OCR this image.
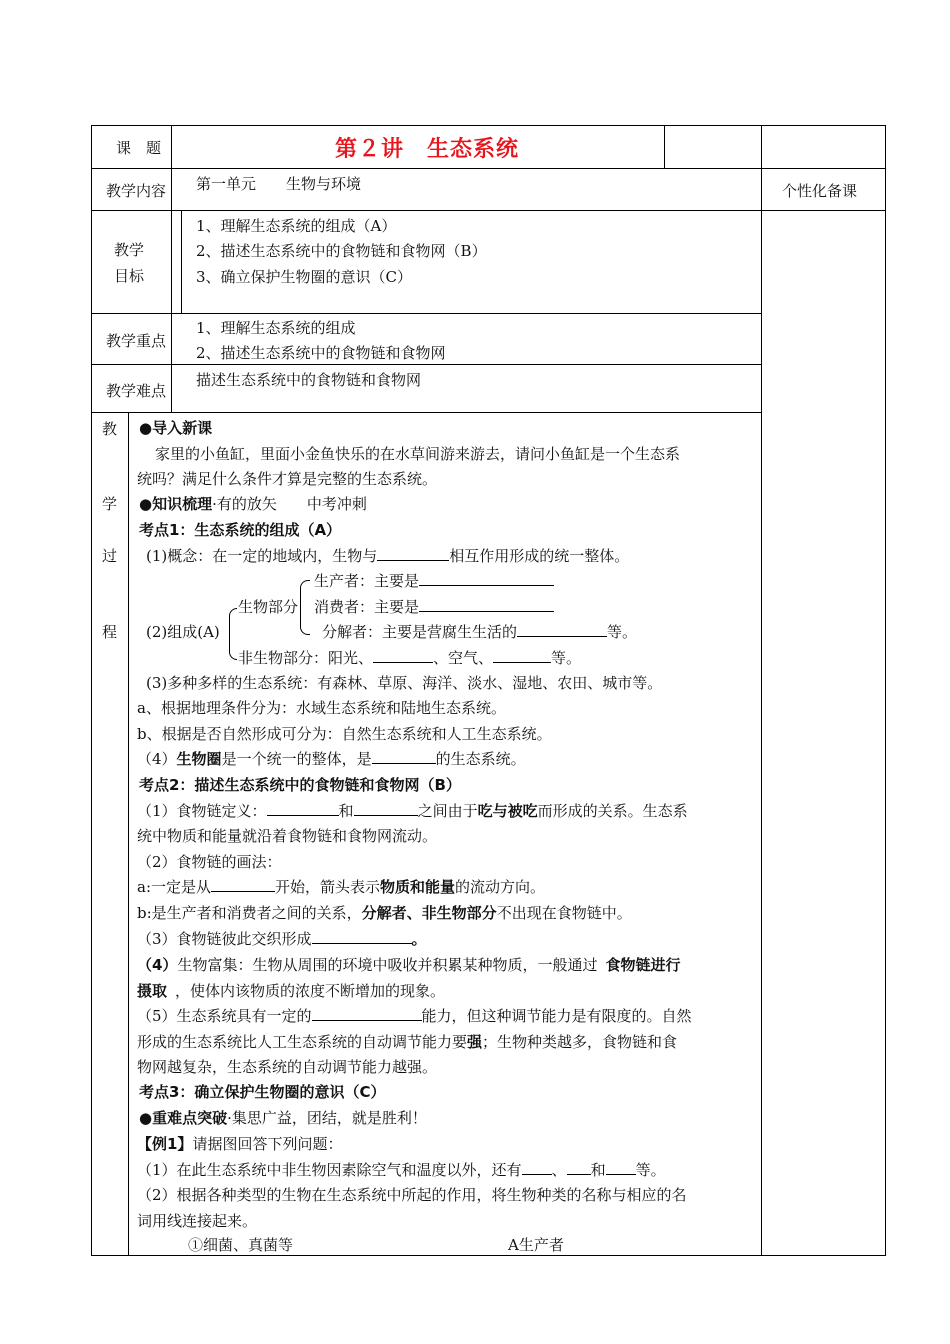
课　题	第２讲　生态系统
教学内容 第一单元　　生物与环境	个性化备课
教学
目标
1、理解生态系统的组成（A）
2、描述生态系统中的食物链和食物网（B）
3、确立保护生物圈的意识（C）
教学重点
1、理解生态系统的组成
2、描述生态系统中的食物链和食物网
教学难点
描述生态系统中的食物链和食物网
教
学
过
程
●导入新课
家里的小鱼缸，里面小金鱼快乐的在水草间游来游去，请问小鱼缸是一个生态系
统吗？满足什么条件才算是完整的生态系统。
●知识梳理·有的放矢　　中考冲刺
考点1：生态系统的组成（A）
(1)概念：在一定的地域内，生物与	相互作用形成的统一整体。
生产者：主要是
消费者：主要是
分解者：主要是营腐生生活的	等。
生物部分
(2)组成(A)
非生物部分：阳光、	、空气、	等。
(3)多种多样的生态系统：有森林、草原、海洋、淡水、湿地、农田、城市等。
a、根据地理条件分为：水域生态系统和陆地生态系统。
b、根据是否自然形成可分为：自然生态系统和人工生态系统。
（4）生物圈是一个统一的整体，是	的生态系统。
考点2：描述生态系统中的食物链和食物网（B）
（1）食物链定义：	和	之间由于吃与被吃而形成的关系。生态系
统中物质和能量就沿着食物链和食物网流动。
（2）食物链的画法：
a:一定是从	开始，箭头表示物质和能量的流动方向。
b:是生产者和消费者之间的关系，分解者、非生物部分不出现在食物链中。
（3）食物链彼此交织形成	。
（4）生物富集：生物从周围的环境中吸收并积累某种物质，一般通过 食物链进行
摄取 ，使体内该物质的浓度不断增加的现象。
（5）生态系统具有一定的	能力，但这种调节能力是有限度的。自然
形成的生态系统比人工生态系统的自动调节能力要强；生物种类越多，食物链和食
物网越复杂，生态系统的自动调节能力越强。
考点3：确立保护生物圈的意识（C）
●重难点突破·集思广益，团结，就是胜利！
【例1】请据图回答下列问题：
（1）在此生态系统中非生物因素除空气和温度以外，还有 、 和 等。
（2）根据各种类型的生物在生态系统中所起的作用，将生物种类的名称与相应的名
词用线连接起来。
①细菌、真菌等	A生产者
